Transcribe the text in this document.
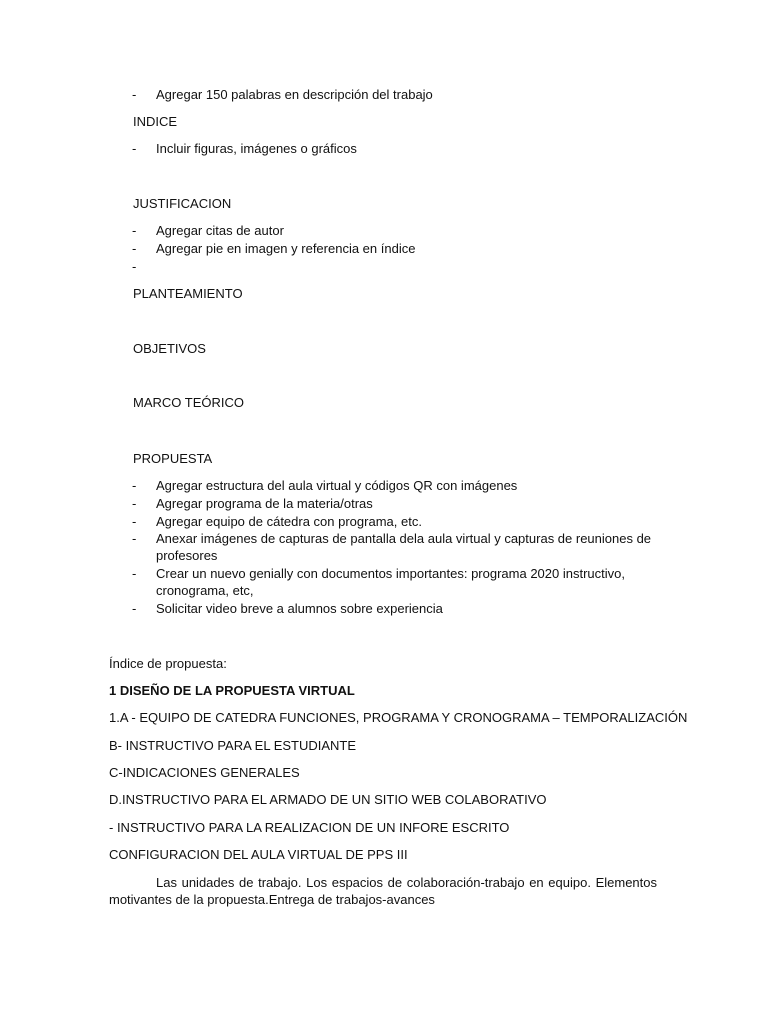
- Agregar 150 palabras en descripción del trabajo
INDICE
- Incluir figuras, imágenes o gráficos
JUSTIFICACION
- Agregar citas de autor
- Agregar pie en imagen y referencia en índice
-
PLANTEAMIENTO
OBJETIVOS
MARCO TEÓRICO
PROPUESTA
- Agregar estructura del aula virtual y códigos QR con imágenes
- Agregar programa de la materia/otras
- Agregar equipo de cátedra con programa, etc.
- Anexar imágenes de capturas de pantalla dela aula virtual y capturas de reuniones de
profesores
- Crear un nuevo genially con documentos importantes: programa 2020 instructivo,
cronograma, etc,
- Solicitar video breve a alumnos sobre experiencia
Índice de propuesta:
1 DISEÑO DE LA PROPUESTA VIRTUAL
1.A - EQUIPO DE CATEDRA FUNCIONES, PROGRAMA Y CRONOGRAMA – TEMPORALIZACIÓN
B- INSTRUCTIVO PARA EL ESTUDIANTE
C-INDICACIONES GENERALES
D.INSTRUCTIVO PARA EL ARMADO DE UN SITIO WEB COLABORATIVO
- INSTRUCTIVO PARA LA REALIZACION DE UN INFORE ESCRITO
CONFIGURACION DEL AULA VIRTUAL DE PPS III

Las unidades de trabajo. Los espacios de colaboración-trabajo en equipo. Elementos motivantes de la propuesta.Entrega de trabajos-avances
